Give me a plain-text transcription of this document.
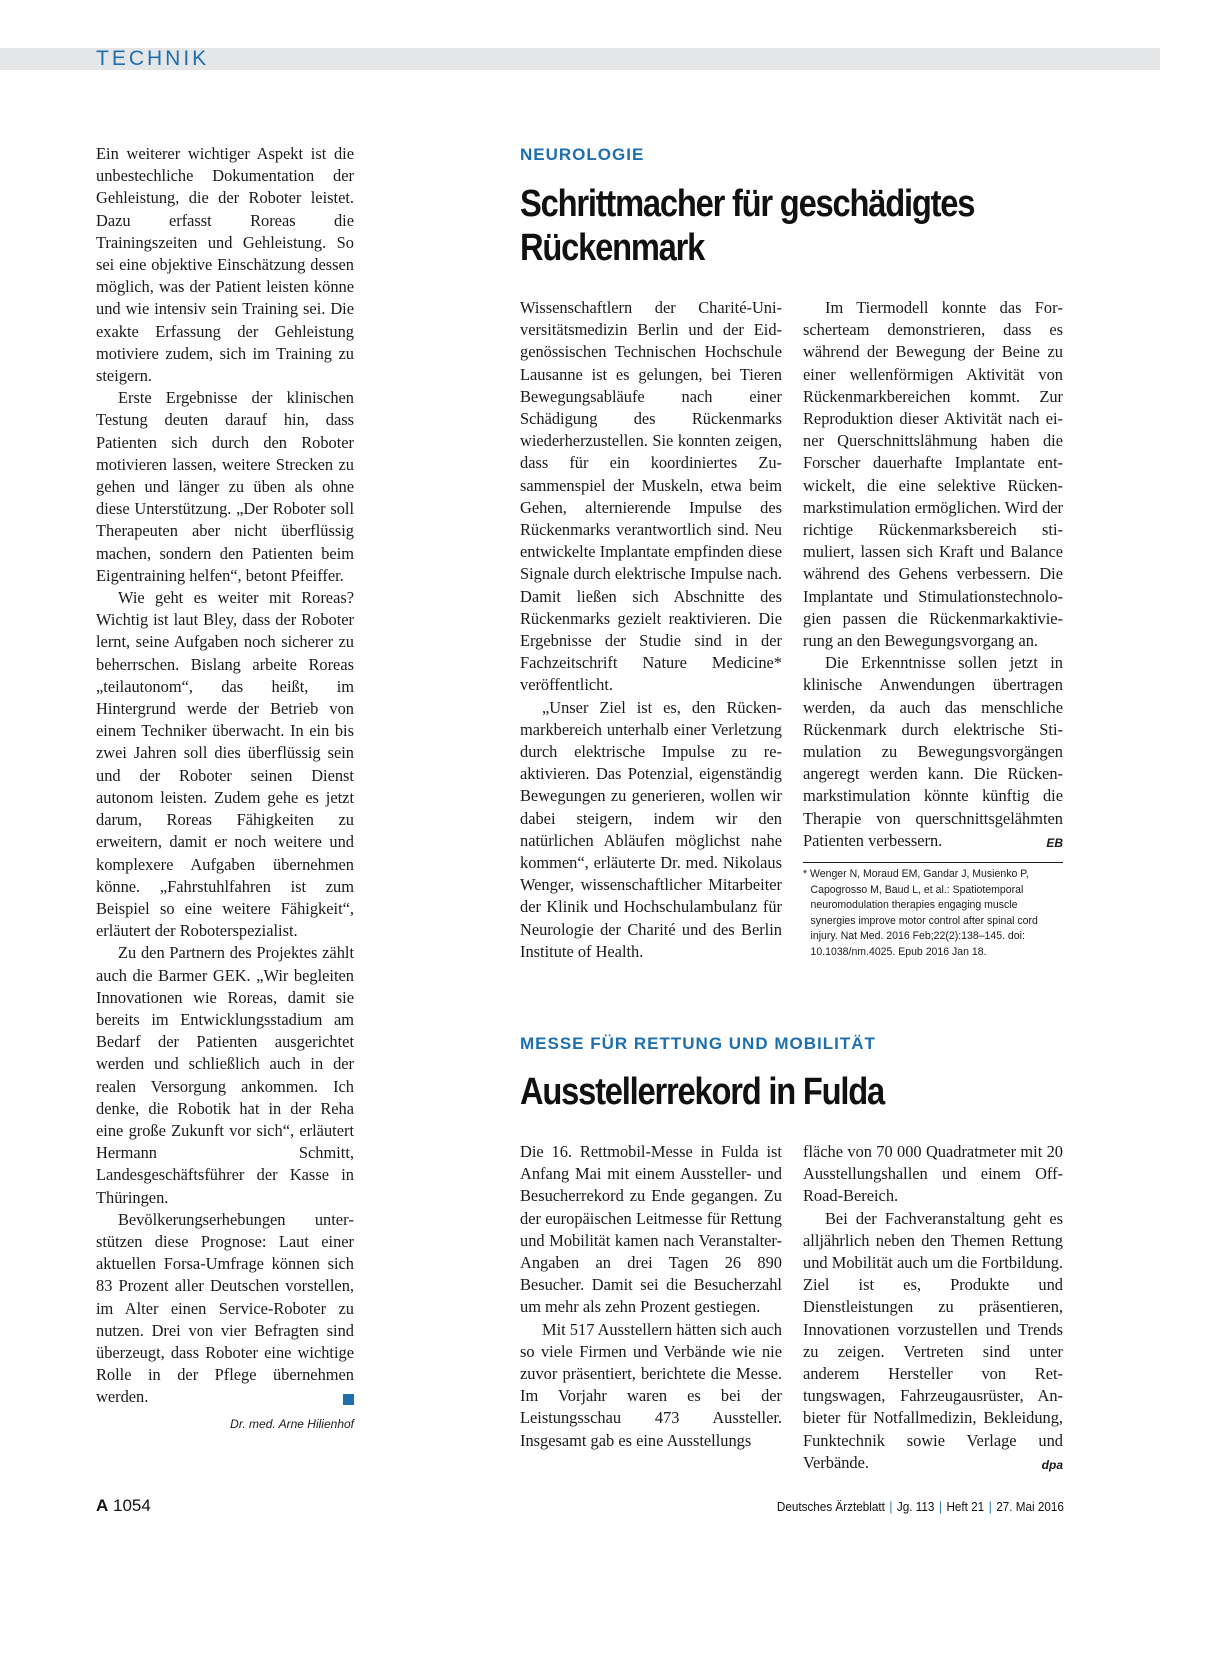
TECHNIK

Ein weiterer wichtiger Aspekt ist die unbestechliche Dokumentation der Gehleistung, die der Roboter leistet. Dazu erfasst Roreas die Trainingszeiten und Gehleistung. So sei eine objektive Einschätzung dessen möglich, was der Patient leisten könne und wie intensiv sein Training sei. Die exakte Erfassung der Gehleistung motiviere zudem, sich im Training zu steigern.

Erste Ergebnisse der klinischen Testung deuten darauf hin, dass Patienten sich durch den Roboter motivieren lassen, weitere Strecken zu gehen und länger zu üben als ohne diese Unterstützung. „Der Roboter soll Therapeuten aber nicht überflüssig machen, sondern den Patienten beim Eigentraining helfen“, betont Pfeiffer.

Wie geht es weiter mit Roreas? Wichtig ist laut Bley, dass der Roboter lernt, seine Aufgaben noch sicherer zu beherrschen. Bislang arbeite Roreas „teilautonom“, das heißt, im Hintergrund werde der Betrieb von einem Techniker überwacht. In ein bis zwei Jahren soll dies überflüssig sein und der Roboter seinen Dienst autonom leisten. Zudem gehe es jetzt darum, Roreas Fähigkeiten zu erweitern, damit er noch weitere und komplexere Aufgaben übernehmen könne. „Fahrstuhlfahren ist zum Beispiel so eine weitere Fähigkeit“, erläutert der Roboterspezialist.

Zu den Partnern des Projektes zählt auch die Barmer GEK. „Wir begleiten Innovationen wie Roreas, damit sie bereits im Entwicklungsstadium am Bedarf der Patienten ausgerichtet werden und schließlich auch in der realen Versorgung ankommen. Ich denke, die Robotik hat in der Reha eine große Zukunft vor sich“, erläutert Hermann Schmitt, Landesgeschäftsführer der Kasse in Thüringen.

Bevölkerungserhebungen unterstützen diese Prognose: Laut einer aktuellen Forsa-Umfrage können sich 83 Prozent aller Deutschen vorstellen, im Alter einen Service-Roboter zu nutzen. Drei von vier Befragten sind überzeugt, dass Roboter eine wichtige Rolle in der Pflege übernehmen werden.

Dr. med. Arne Hilienhof
NEUROLOGIE
Schrittmacher für geschädigtes
Rückenmark

Wissenschaftlern der Charité-Universitätsmedizin Berlin und der Eidgenössischen Technischen Hochschule Lausanne ist es gelungen, bei Tieren Bewegungsabläufe nach einer Schädigung des Rückenmarks wiederherzustellen. Sie konnten zeigen, dass für ein koordiniertes Zusammenspiel der Muskeln, etwa beim Gehen, alternierende Impulse des Rückenmarks verantwortlich sind. Neu entwickelte Implantate empfinden diese Signale durch elektrische Impulse nach. Damit ließen sich Abschnitte des Rückenmarks gezielt reaktivieren. Die Ergebnisse der Studie sind in der Fachzeitschrift Nature Medicine* veröffentlicht.

„Unser Ziel ist es, den Rückenmarkbereich unterhalb einer Verletzung durch elektrische Impulse zu reaktivieren. Das Potenzial, eigenständig Bewegungen zu generieren, wollen wir dabei steigern, indem wir den natürlichen Abläufen möglichst nahe kommen“, erläuterte Dr. med. Nikolaus Wenger, wissenschaftlicher Mitarbeiter der Klinik und Hochschulambulanz für Neurologie der Charité und des Berlin Institute of Health.

Im Tiermodell konnte das Forscherteam demonstrieren, dass es während der Bewegung der Beine zu einer wellenförmigen Aktivität von Rückenmarkbereichen kommt. Zur Reproduktion dieser Aktivität nach einer Querschnittslähmung haben die Forscher dauerhafte Implantate entwickelt, die eine selektive Rückenmarkstimulation ermöglichen. Wird der richtige Rückenmarksbereich stimuliert, lassen sich Kraft und Balance während des Gehens verbessern. Die Implantate und Stimulationstechnologien passen die Rückenmarkaktivierung an den Bewegungsvorgang an.

Die Erkenntnisse sollen jetzt in klinische Anwendungen übertragen werden, da auch das menschliche Rückenmark durch elektrische Stimulation zu Bewegungsvorgängen angeregt werden kann. Die Rückenmarkstimulation könnte künftig die Therapie von querschnittsgelähmten Patienten verbessern.	EB
* Wenger N, Moraud EM, Gandar J, Musienko P,
Capogrosso M, Baud L, et al.: Spatiotemporal
neuromodulation therapies engaging muscle
synergies improve motor control after spinal cord
injury. Nat Med. 2016 Feb;22(2):138–145. doi:
10.1038/nm.4025. Epub 2016 Jan 18.
MESSE FÜR RETTUNG UND MOBILITÄT
Ausstellerrekord in Fulda

Die 16. Rettmobil-Messe in Fulda ist Anfang Mai mit einem Aussteller- und Besucherrekord zu Ende gegangen. Zu der europäischen Leitmesse für Rettung und Mobilität kamen nach Veranstalter-Angaben an drei Tagen 26 890 Besucher. Damit sei die Besucherzahl um mehr als zehn Prozent gestiegen.

Mit 517 Ausstellern hätten sich auch so viele Firmen und Verbände wie nie zuvor präsentiert, berichtete die Messe. Im Vorjahr waren es bei der Leistungsschau 473 Aussteller. Insgesamt gab es eine Ausstellungs

fläche von 70 000 Quadratmeter mit 20 Ausstellungshallen und einem Off-Road-Bereich.

Bei der Fachveranstaltung geht es alljährlich neben den Themen Rettung und Mobilität auch um die Fortbildung. Ziel ist es, Produkte und Dienstleistungen zu präsentieren, Innovationen vorzustellen und Trends zu zeigen. Vertreten sind unter anderem Hersteller von Rettungswagen, Fahrzeugausrüster, Anbieter für Notfallmedizin, Bekleidung, Funktechnik sowie Verlage und Verbände.	dpa
A 1054	Deutsches Ärzteblatt | Jg. 113 | Heft 21 | 27. Mai 2016
